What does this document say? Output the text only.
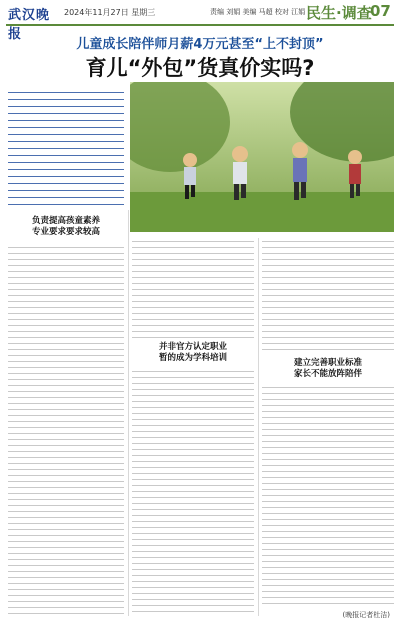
武汉晚报
2024年11月27日 星期三	责编 刘娟 美编 马超 校对 江娟 民生·调查
07
儿童成长陪伴师月薪4万元甚至“上不封顶”
育儿“外包”货真价实吗?
负责提高孩童素养
专业要求要求较高
并非官方认定职业
暂的成为学科培训	建立完善职业标准
家长不能放阵陪伴
(晚报记者杜洁)
